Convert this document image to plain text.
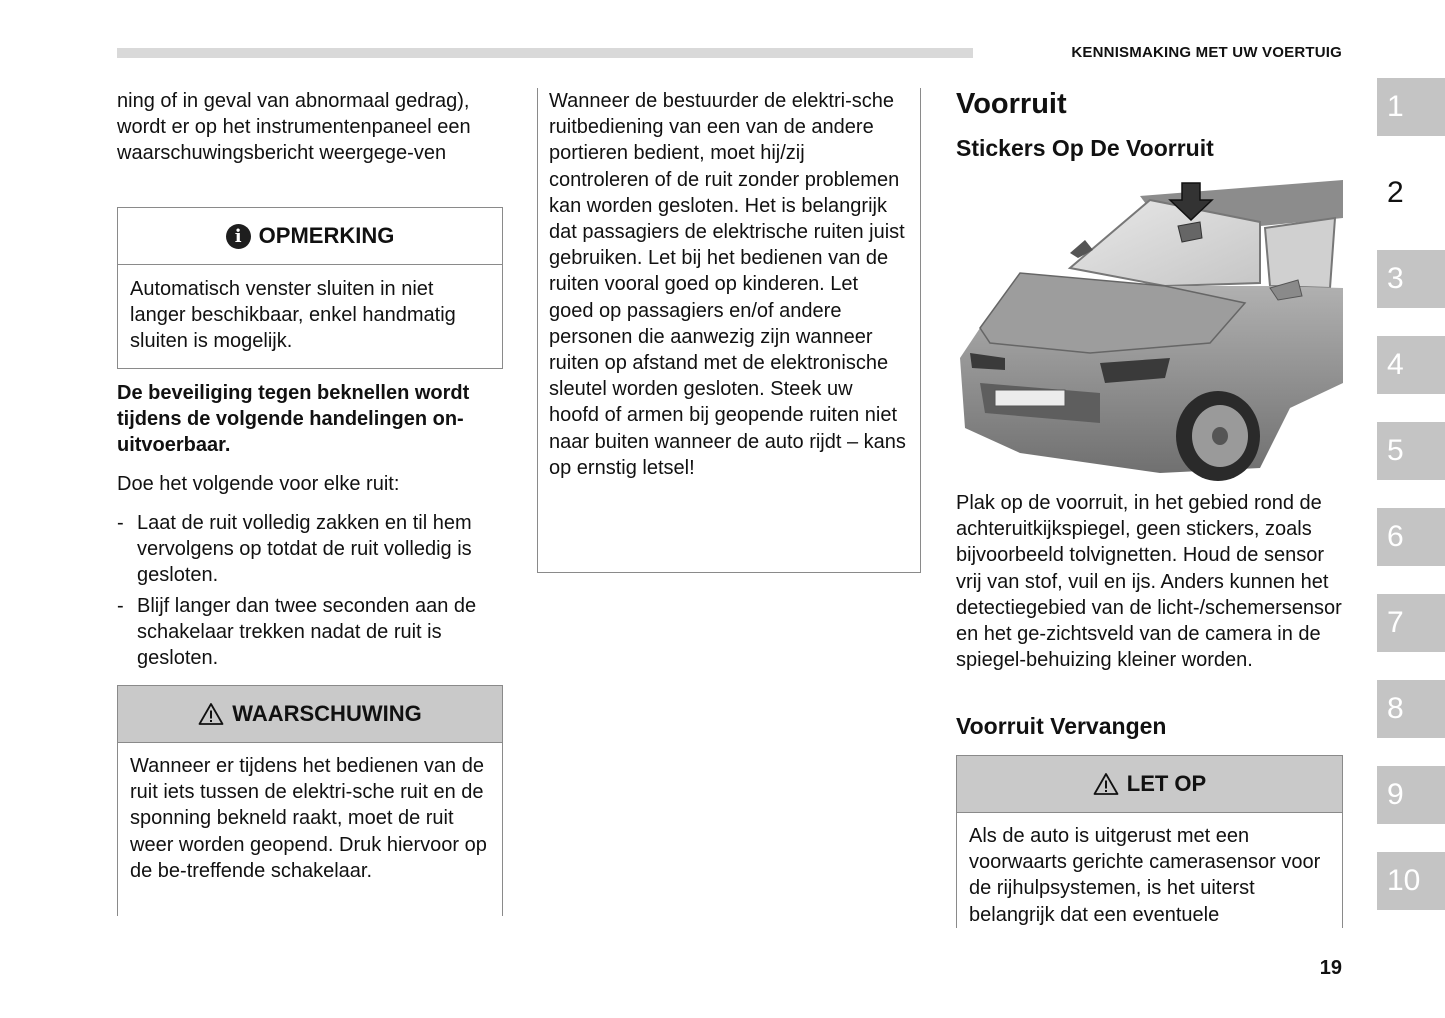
KENNISMAKING MET UW VOERTUIG
ning of in geval van abnormaal gedrag), wordt er op het instrumentenpaneel een waarschuwingsbericht weergege-ven
i OPMERKING
Automatisch venster sluiten in niet langer beschikbaar, enkel handmatig sluiten is mogelijk.
De beveiliging tegen beknellen wordt tijdens de volgende handelingen on-uitvoerbaar.
Doe het volgende voor elke ruit:
- Laat de ruit volledig zakken en til hem vervolgens op totdat de ruit volledig is gesloten.
- Blijf langer dan twee seconden aan de schakelaar trekken nadat de ruit is gesloten.
WAARSCHUWING
Wanneer er tijdens het bedienen van de ruit iets tussen de elektri-sche ruit en de sponning bekneld raakt, moet de ruit weer worden geopend. Druk hiervoor op de be-treffende schakelaar.
Wanneer de bestuurder de elektri-sche ruitbediening van een van de andere portieren bedient, moet hij/zij controleren of de ruit zonder problemen kan worden gesloten. Het is belangrijk dat passagiers de elektrische ruiten juist gebruiken. Let bij het bedienen van de ruiten vooral goed op kinderen. Let goed op passagiers en/of andere personen die aanwezig zijn wanneer ruiten op afstand met de elektronische sleutel worden gesloten. Steek uw hoofd of armen bij geopende ruiten niet naar buiten wanneer de auto rijdt – kans op ernstig letsel!
Voorruit
Stickers Op De Voorruit
Plak op de voorruit, in het gebied rond de achteruitkijkspiegel, geen stickers, zoals bijvoorbeeld tolvignetten. Houd de sensor vrij van stof, vuil en ijs. Anders kunnen het detectiegebied van de licht-/schemersensor en het ge-zichtsveld van de camera in de spiegel-behuizing kleiner worden.
Voorruit Vervangen
LET OP
Als de auto is uitgerust met een voorwaarts gerichte camerasensor voor de rijhulpsystemen, is het uiterst belangrijk dat een eventuele
1
2
3
4
5
6
7
8
9
10
19
